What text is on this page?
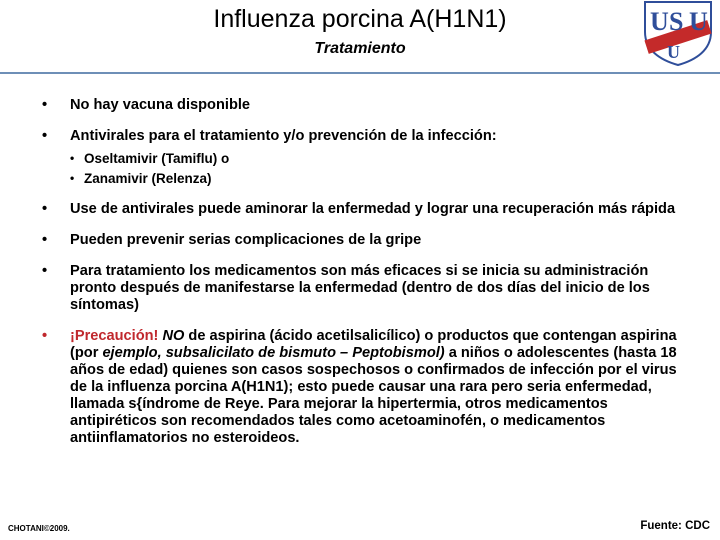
Influenza porcina A(H1N1)
Tratamiento
U S U
U
• No hay vacuna disponible
• Antivirales para el tratamiento y/o prevención de la infección:
• Oseltamivir (Tamiflu) o
• Zanamivir (Relenza)
• Use de antivirales puede aminorar la enfermedad y lograr una recuperación más rápida
• Pueden prevenir serias complicaciones de la gripe
• Para tratamiento los medicamentos son más eficaces si se inicia su administración pronto después de manifestarse la enfermedad (dentro de dos días del inicio de los síntomas)
• ¡Precaución! NO de aspirina (ácido acetilsalicílico) o productos que contengan aspirina (por ejemplo, subsalicilato de bismuto – Peptobismol) a niños o adolescentes (hasta 18 años de edad) quienes son casos sospechosos o confirmados de infección por el virus de la influenza porcina A(H1N1); esto puede causar una rara pero seria enfermedad, llamada s{índrome de Reye. Para mejorar la hipertermia, otros medicamentos antipiréticos son recomendados tales como acetoaminofén, o medicamentos antiinflamatorios no esteroideos.
CHOTANI©2009.	Fuente: CDC
